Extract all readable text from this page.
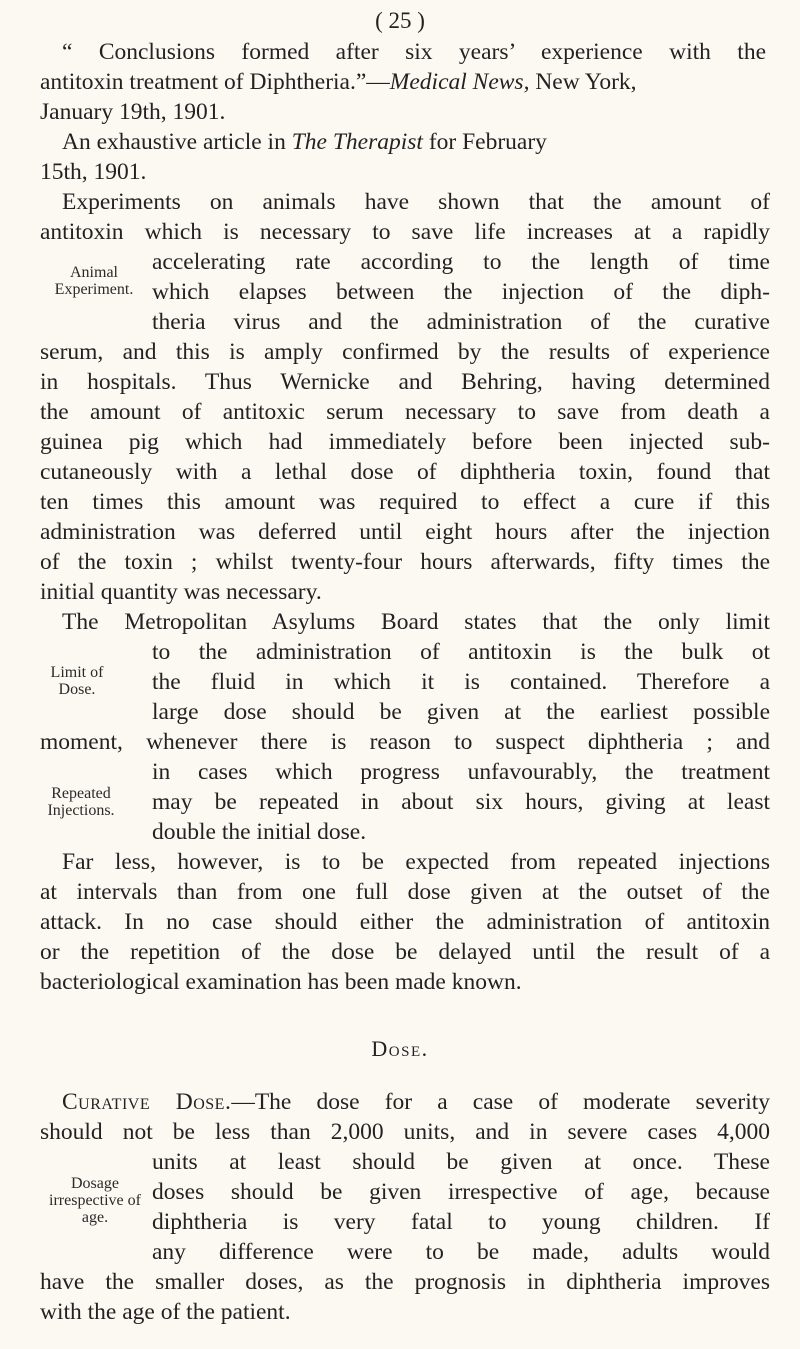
( 25 )
“ Conclusions formed after six years’ experience with the
antitoxin treatment of Diphtheria.”—Medical News, New York,
January 19th, 1901.
An exhaustive article in The Therapist for February
15th, 1901.
Experiments on animals have shown that the amount of
antitoxin which is necessary to save life increases at a rapidly
accelerating rate according to the length of time
which elapses between the injection of the diph-
theria virus and the administration of the curative
serum, and this is amply confirmed by the results of experience
in hospitals. Thus Wernicke and Behring, having determined
the amount of antitoxic serum necessary to save from death a
guinea pig which had immediately before been injected sub-
cutaneously with a lethal dose of diphtheria toxin, found that
ten times this amount was required to effect a cure if this
administration was deferred until eight hours after the injection
of the toxin ; whilst twenty-four hours afterwards, fifty times the
initial quantity was necessary.
Animal
Experiment.
The Metropolitan Asylums Board states that the only limit
to the administration of antitoxin is the bulk ot
the fluid in which it is contained. Therefore a
large dose should be given at the earliest possible
moment, whenever there is reason to suspect diphtheria ; and
in cases which progress unfavourably, the treatment
may be repeated in about six hours, giving at least
double the initial dose.
Limit of
Dose.
Repeated
Injections.
Far less, however, is to be expected from repeated injections
at intervals than from one full dose given at the outset of the
attack. In no case should either the administration of antitoxin
or the repetition of the dose be delayed until the result of a
bacteriological examination has been made known.
Dose.
Curative Dose.—The dose for a case of moderate severity
should not be less than 2,000 units, and in severe cases 4,000
units at least should be given at once. These
doses should be given irrespective of age, because
diphtheria is very fatal to young children. If
any difference were to be made, adults would
have the smaller doses, as the prognosis in diphtheria improves
with the age of the patient.
Dosage
irrespective of
age.
